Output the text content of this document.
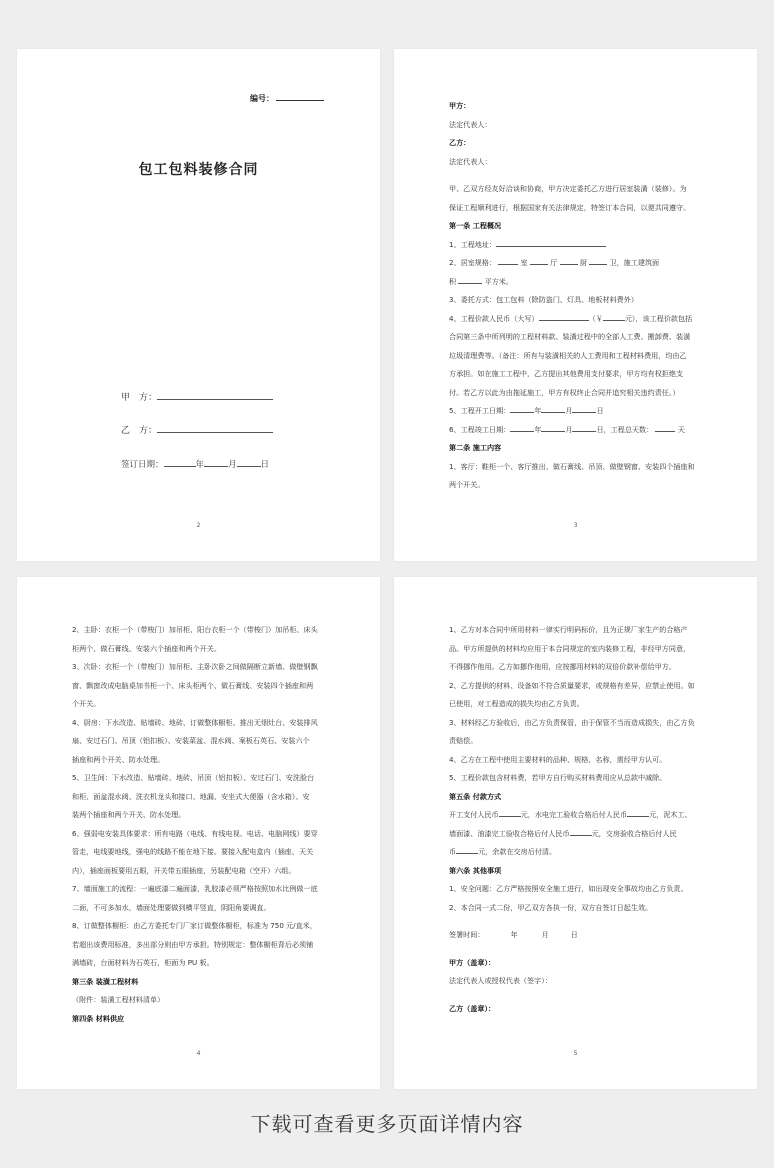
编号：
包工包料装修合同
甲　方：
乙　方：
签订日期：	年	月	日
2

甲方：

法定代表人：

乙方：

法定代表人：

甲、乙双方经友好洽谈和协商，甲方决定委托乙方进行居室装潢（装修）。为

保证工程顺利进行，根据国家有关法律规定，特签订本合同，以便共同遵守。

第一条 工程概况

1、工程地址：

2、居室规格：	室	厅	厨	卫，施工建筑面

积	平方米。

3、委托方式：包工包料（除防盗门、灯具、地板材料费外）

4、工程价款人民币（大写）	（￥	元），该工程价款包括

合同第三条中所列明的工程材料款、装潢过程中的全部人工费、搬卸费、装潢

垃圾清理费等。（备注：所有与装潢相关的人工费用和工程材料费用，均由乙

方承担。如在施工工程中，乙方提出其他费用支付要求，甲方均有权拒绝支

付。若乙方以此为由拖延施工，甲方有权终止合同并追究相关违约责任。）

5、工程开工日期：	年	月	日

6、工程竣工日期：	年	月	日，工程总天数：	天

第二条 施工内容

1、客厅：鞋柜一个、客厅推出、做石膏线、吊顶、做壁钢窗、安装四个插座和

两个开关。

3

2、主卧：衣柜一个（带梭门）加吊柜、阳台衣柜一个（带梭门）加吊柜、床头

柜两个、做石膏线、安装六个插座和两个开关。

3、次卧：衣柜一个（带梭门）加吊柜、主卧次卧之间做隔断立新墙、做壁钢飘

窗、飘窗改成电脑桌加书柜一个、床头柜两个、做石膏线、安装四个插座和两

个开关。

4、厨房：下水改造、贴墙砖、地砖、订做整体橱柜、推出无烟灶台、安装排风

扇、安过石门、吊顶（铝扣板）、安装菜盆、混水阀、案板石英石、安装六个

插座和两个开关、防水处理。

5、卫生间：下水改造、贴墙砖、地砖、吊顶（铝扣板）、安过石门、安洗脸台

和柜、面盆混水阀、洗衣机龙头和接口、地漏、安坐式大便器（含水箱）、安

装两个插座和两个开关、防水处理。

6、强弱电安装具体要求：所有电路（电线、有线电视、电话、电脑网线）要穿

管走，电线要地线，强电的线路不能在地下接。要接入配电盒内（插座、天关

内），插座面板要用五眼，开关带五眼插座，另装配电箱（空开）六组。

7、墙面施工的流程：一遍底漆二遍面漆，乳胶漆必须严格按照加水比例做一底

二面，不可多加水，墙面处理要做到横平竖直，阴阳角要调直。

8、订做整体橱柜：由乙方委托专门厂家订做整体橱柜，标准为 750 元/直米，

若超出该费用标准，多出部分则由甲方承担。特别规定：整体橱柜背后必须铺

满墙砖，台面材料为石英石，柜面为 PU 板。

第三条 装潢工程材料

（附件：装潢工程材料清单）

第四条 材料供应

4

1、乙方对本合同中所用材料一律实行明码标价，且为正规厂家生产的合格产

品。甲方所提供的材料均应用于本合同规定的室内装修工程，非经甲方同意，

不得挪作他用。乙方如挪作他用，应按挪用材料的双倍价款补偿给甲方。

2、乙方提供的材料、设备如不符合质量要求，或规格有差异，应禁止使用。如

已使用，对工程造成的损失均由乙方负责。

3、材料经乙方验收后，由乙方负责保管，由于保管不当而造成损失，由乙方负

责赔偿。

4、乙方在工程中使用主要材料的品种、规格、名称，需经甲方认可。

5、工程价款包含材料费，若甲方自行购买材料费用应从总款中减除。

第五条 付款方式

开工支付人民币	元，水电完工验收合格后付人民币	元，泥木工、

墙面漆、油漆完工验收合格后付人民币	元，交房验收合格后付人民

币	元，余款在交房后付清。

第六条 其他事项

1、安全问题：乙方严格按照安全施工进行，如出现安全事故均由乙方负责。

2、本合同一式二份，甲乙双方各执一份，双方自签订日起生效。

签署时间：	年	月	日

甲方（盖章）：

法定代表人或授权代表（签字）：

乙方（盖章）：

5
下载可查看更多页面详情内容
